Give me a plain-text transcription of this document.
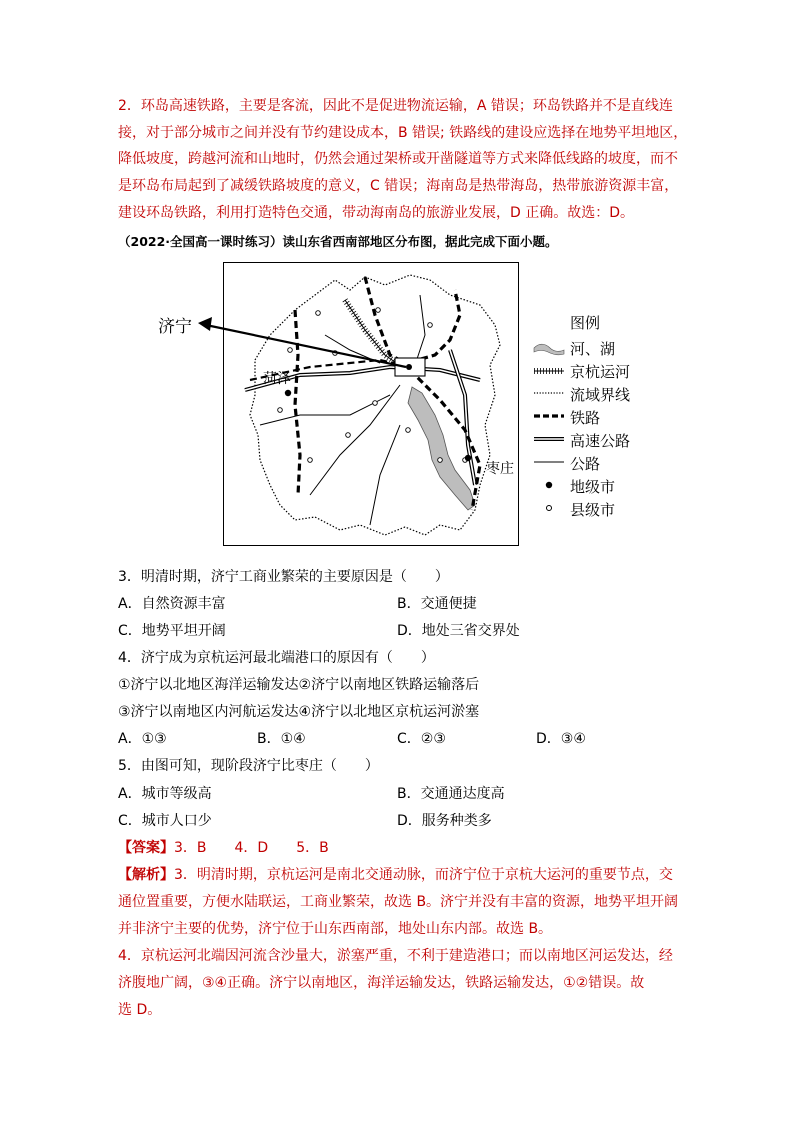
2．环岛高速铁路，主要是客流，因此不是促进物流运输，A 错误；环岛铁路并不是直线连
接，对于部分城市之间并没有节约建设成本，B 错误; 铁路线的建设应选择在地势平坦地区，
降低坡度，跨越河流和山地时，仍然会通过架桥或开凿隧道等方式来降低线路的坡度，而不
是环岛布局起到了减缓铁路坡度的意义，C 错误；海南岛是热带海岛，热带旅游资源丰富，
建设环岛铁路，利用打造特色交通，带动海南岛的旅游业发展，D 正确。故选：D。
（2022·全国高一课时练习）读山东省西南部地区分布图，据此完成下面小题。
济宁
菏泽
枣庄
图例
河、湖
京杭运河
流域界线
铁路
高速公路
公路
地级市
县级市
3．明清时期，济宁工商业繁荣的主要原因是（　　）
A．自然资源丰富	B．交通便捷
C．地势平坦开阔	D．地处三省交界处
4．济宁成为京杭运河最北端港口的原因有（　　）
①济宁以北地区海洋运输发达②济宁以南地区铁路运输落后
③济宁以南地区内河航运发达④济宁以北地区京杭运河淤塞
A．①③	B．①④	C．②③	D．③④
5．由图可知，现阶段济宁比枣庄（　　）
A．城市等级高	B．交通通达度高
C．城市人口少	D．服务种类多
【答案】3．B　　4．D　　5．B
【解析】3．明清时期，京杭运河是南北交通动脉，而济宁位于京杭大运河的重要节点，交
通位置重要，方便水陆联运，工商业繁荣，故选 B。济宁并没有丰富的资源，地势平坦开阔
并非济宁主要的优势，济宁位于山东西南部，地处山东内部。故选 B。
4．京杭运河北端因河流含沙量大，淤塞严重，不利于建造港口；而以南地区河运发达，经
济腹地广阔，③④正确。济宁以南地区，海洋运输发达，铁路运输发达，①②错误。故
选 D。
